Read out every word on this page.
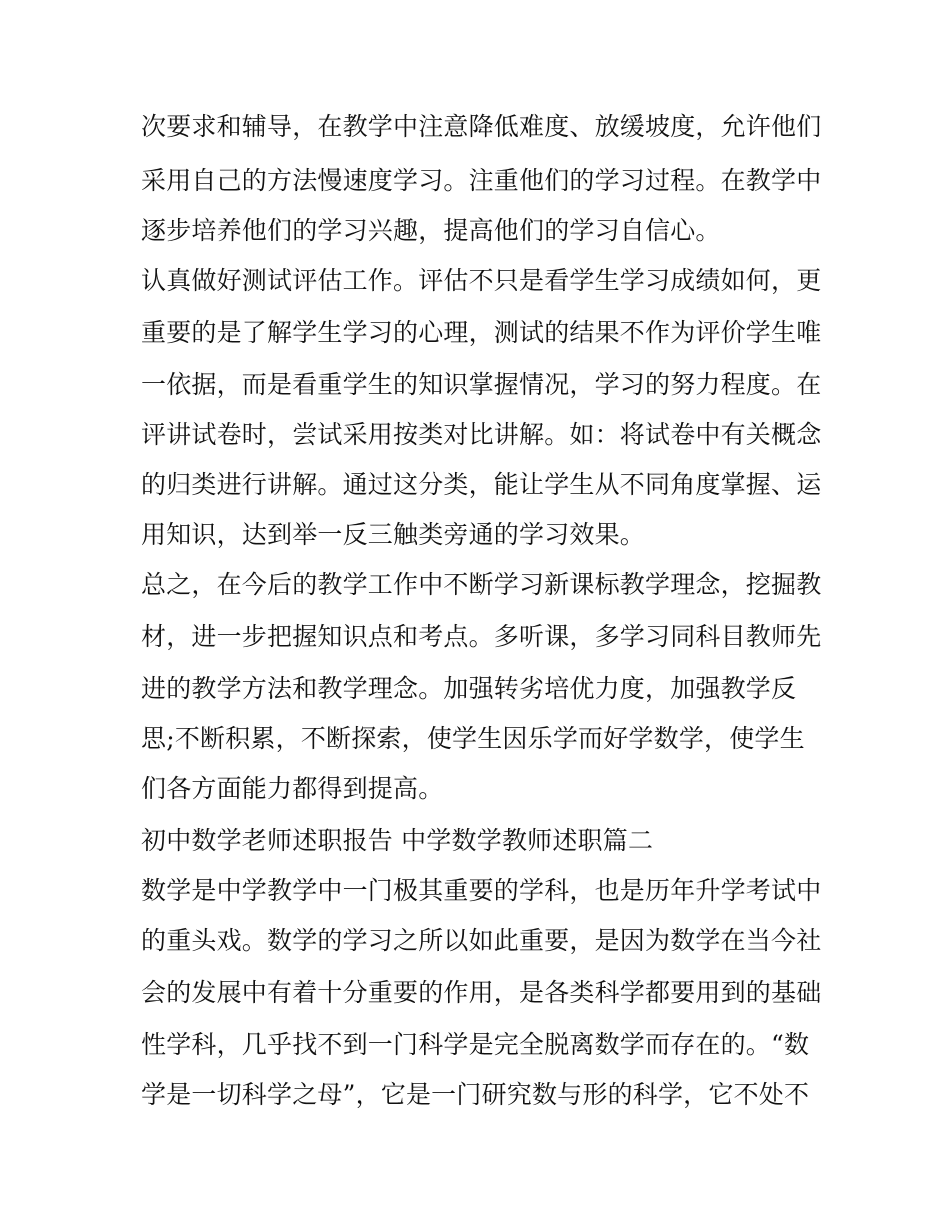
次要求和辅导，在教学中注意降低难度、放缓坡度，允许他们
采用自己的方法慢速度学习。注重他们的学习过程。在教学中
逐步培养他们的学习兴趣，提高他们的学习自信心。
认真做好测试评估工作。评估不只是看学生学习成绩如何，更
重要的是了解学生学习的心理，测试的结果不作为评价学生唯
一依据，而是看重学生的知识掌握情况，学习的努力程度。在
评讲试卷时，尝试采用按类对比讲解。如：将试卷中有关概念
的归类进行讲解。通过这分类，能让学生从不同角度掌握、运
用知识，达到举一反三触类旁通的学习效果。
总之，在今后的教学工作中不断学习新课标教学理念，挖掘教
材，进一步把握知识点和考点。多听课，多学习同科目教师先
进的教学方法和教学理念。加强转劣培优力度，加强教学反
思;不断积累，不断探索，使学生因乐学而好学数学，使学生
们各方面能力都得到提高。
初中数学老师述职报告 中学数学教师述职篇二
数学是中学教学中一门极其重要的学科，也是历年升学考试中
的重头戏。数学的学习之所以如此重要，是因为数学在当今社
会的发展中有着十分重要的作用，是各类科学都要用到的基础
性学科，几乎找不到一门科学是完全脱离数学而存在的。“数
学是一切科学之母”，它是一门研究数与形的科学，它不处不
